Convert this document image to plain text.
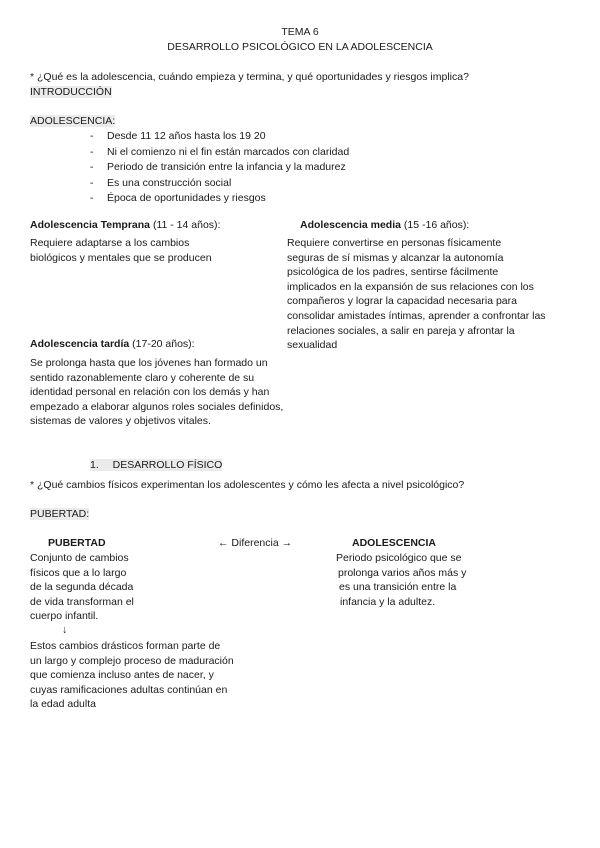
TEMA 6
DESARROLLO PSICOLÓGICO EN LA ADOLESCENCIA
* ¿Qué es la adolescencia, cuándo empieza y termina, y qué oportunidades y riesgos implica?
INTRODUCCIÓN
ADOLESCENCIA:
- Desde 11 12 años hasta los 19 20
- Ni el comienzo ni el fin están marcados con claridad
- Periodo de transición entre la infancia y la madurez
- Es una construcción social
- Época de oportunidades y riesgos
Adolescencia Temprana (11 - 14 años):
Requiere adaptarse a los cambios
biológicos y mentales que se producen
Adolescencia media (15 -16 años):
Requiere convertirse en personas físicamente
seguras de sí mismas y alcanzar la autonomía
psicológica de los padres, sentirse fácilmente
implicados en la expansión de sus relaciones con los
compañeros y lograr la capacidad necesaria para
consolidar amistades íntimas, aprender a confrontar las
relaciones sociales, a salir en pareja y afrontar la
sexualidad
Adolescencia tardía (17-20 años):
Se prolonga hasta que los jóvenes han formado un
sentido razonablemente claro y coherente de su
identidad personal en relación con los demás y han
empezado a elaborar algunos roles sociales definidos,
sistemas de valores y objetivos vitales.
1. DESARROLLO FÍSICO
* ¿Qué cambios físicos experimentan los adolescentes y cómo les afecta a nivel psicológico?
PUBERTAD:
PUBERTAD	← Diferencia →	ADOLESCENCIA
Conjunto de cambios
físicos que a lo largo
de la segunda década
de vida transforman el
cuerpo infantil.
Periodo psicológico que se
prolonga varios años más y
es una transición entre la
infancia y la adultez.
↓
Estos cambios drásticos forman parte de
un largo y complejo proceso de maduración
que comienza incluso antes de nacer, y
cuyas ramificaciones adultas continúan en
la edad adulta
